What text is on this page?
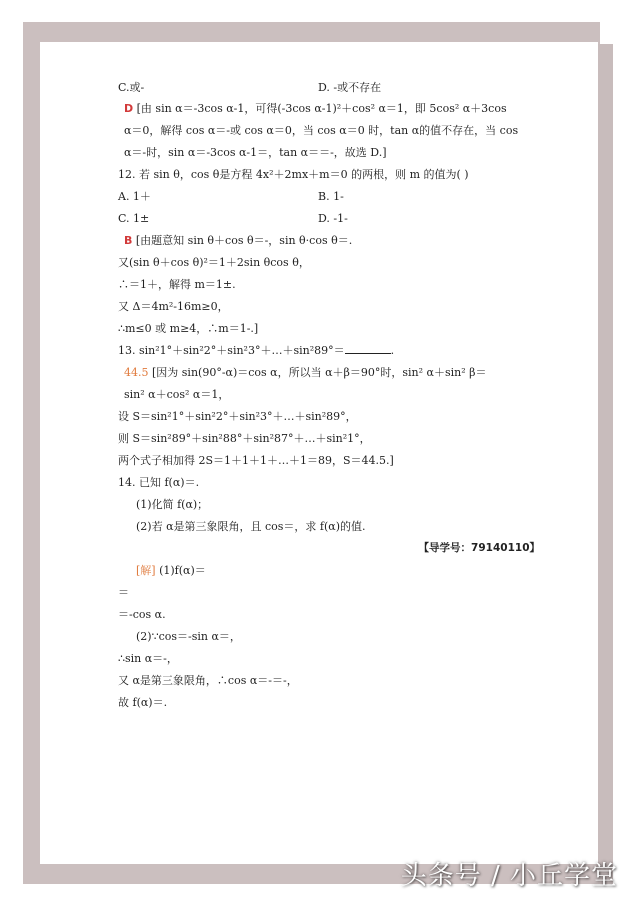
C.或-	D. -或不存在
D [由 sin α＝-3cos α-1，可得(-3cos α-1)²＋cos² α＝1，即 5cos² α＋3cos
α＝0，解得 cos α＝-或 cos α＝0，当 cos α＝0 时，tan α的值不存在，当 cos
α＝-时，sin α＝-3cos α-1＝，tan α＝＝-，故选 D.]
12. 若 sin θ，cos θ是方程 4x²＋2mx＋m＝0 的两根，则 m 的值为( )
A. 1＋	B. 1-
C. 1±	D. -1-
B [由题意知 sin θ＋cos θ＝-，sin θ·cos θ＝.
又(sin θ＋cos θ)²＝1＋2sin θcos θ，
∴＝1＋，解得 m＝1±.
又 Δ＝4m²-16m≥0，
∴m≤0 或 m≥4，∴m＝1-.]
13. sin²1°＋sin²2°＋sin²3°＋…＋sin²89°＝	.
44.5 [因为 sin(90°-α)＝cos α，所以当 α＋β＝90°时，sin² α＋sin² β＝
sin² α＋cos² α＝1，
设 S＝sin²1°＋sin²2°＋sin²3°＋…＋sin²89°，
则 S＝sin²89°＋sin²88°＋sin²87°＋…＋sin²1°，
两个式子相加得 2S＝1＋1＋1＋…＋1＝89，S＝44.5.]
14. 已知 f(α)＝.
(1)化简 f(α)；
(2)若 α是第三象限角，且 cos＝，求 f(α)的值.
【导学号：79140110】
[解] (1)f(α)＝
＝
＝-cos α.
(2)∵cos＝-sin α＝，
∴sin α＝-，
又 α是第三象限角，∴cos α＝-＝-，
故 f(α)＝.
头条号 / 小丘学堂
